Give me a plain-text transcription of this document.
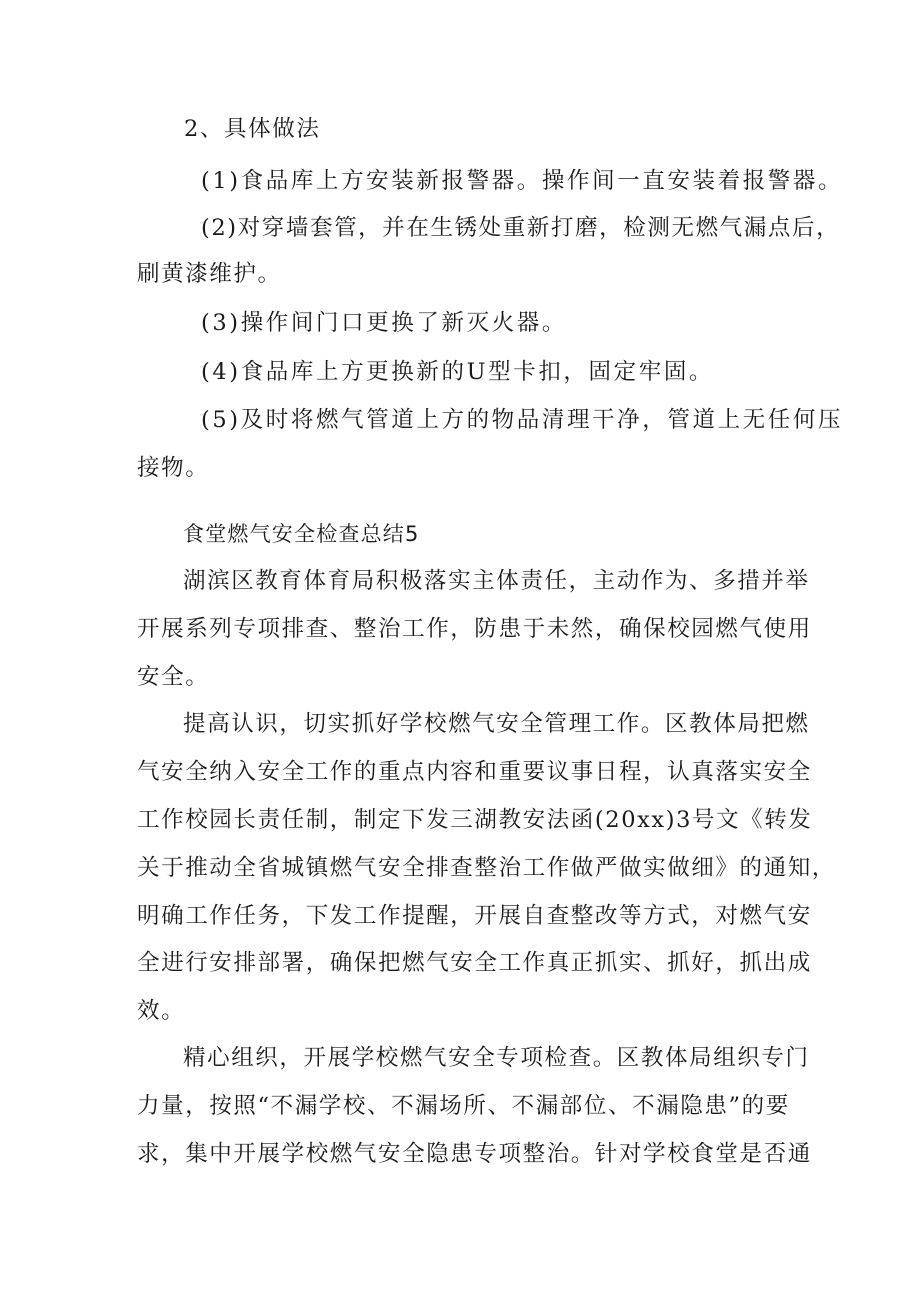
2、具体做法
(1)食品库上方安装新报警器。操作间一直安装着报警器。
(2)对穿墙套管，并在生锈处重新打磨，检测无燃气漏点后，
刷黄漆维护。
(3)操作间门口更换了新灭火器。
(4)食品库上方更换新的U型卡扣，固定牢固。
(5)及时将燃气管道上方的物品清理干净，管道上无任何压
接物。
食堂燃气安全检查总结5
湖滨区教育体育局积极落实主体责任，主动作为、多措并举
开展系列专项排查、整治工作，防患于未然，确保校园燃气使用
安全。
提高认识，切实抓好学校燃气安全管理工作。区教体局把燃
气安全纳入安全工作的重点内容和重要议事日程，认真落实安全
工作校园长责任制，制定下发三湖教安法函(20xx)3号文《转发
关于推动全省城镇燃气安全排查整治工作做严做实做细》的通知，
明确工作任务，下发工作提醒，开展自查整改等方式，对燃气安
全进行安排部署，确保把燃气安全工作真正抓实、抓好，抓出成
效。
精心组织，开展学校燃气安全专项检查。区教体局组织专门
力量，按照“不漏学校、不漏场所、不漏部位、不漏隐患”的要
求，集中开展学校燃气安全隐患专项整治。针对学校食堂是否通
